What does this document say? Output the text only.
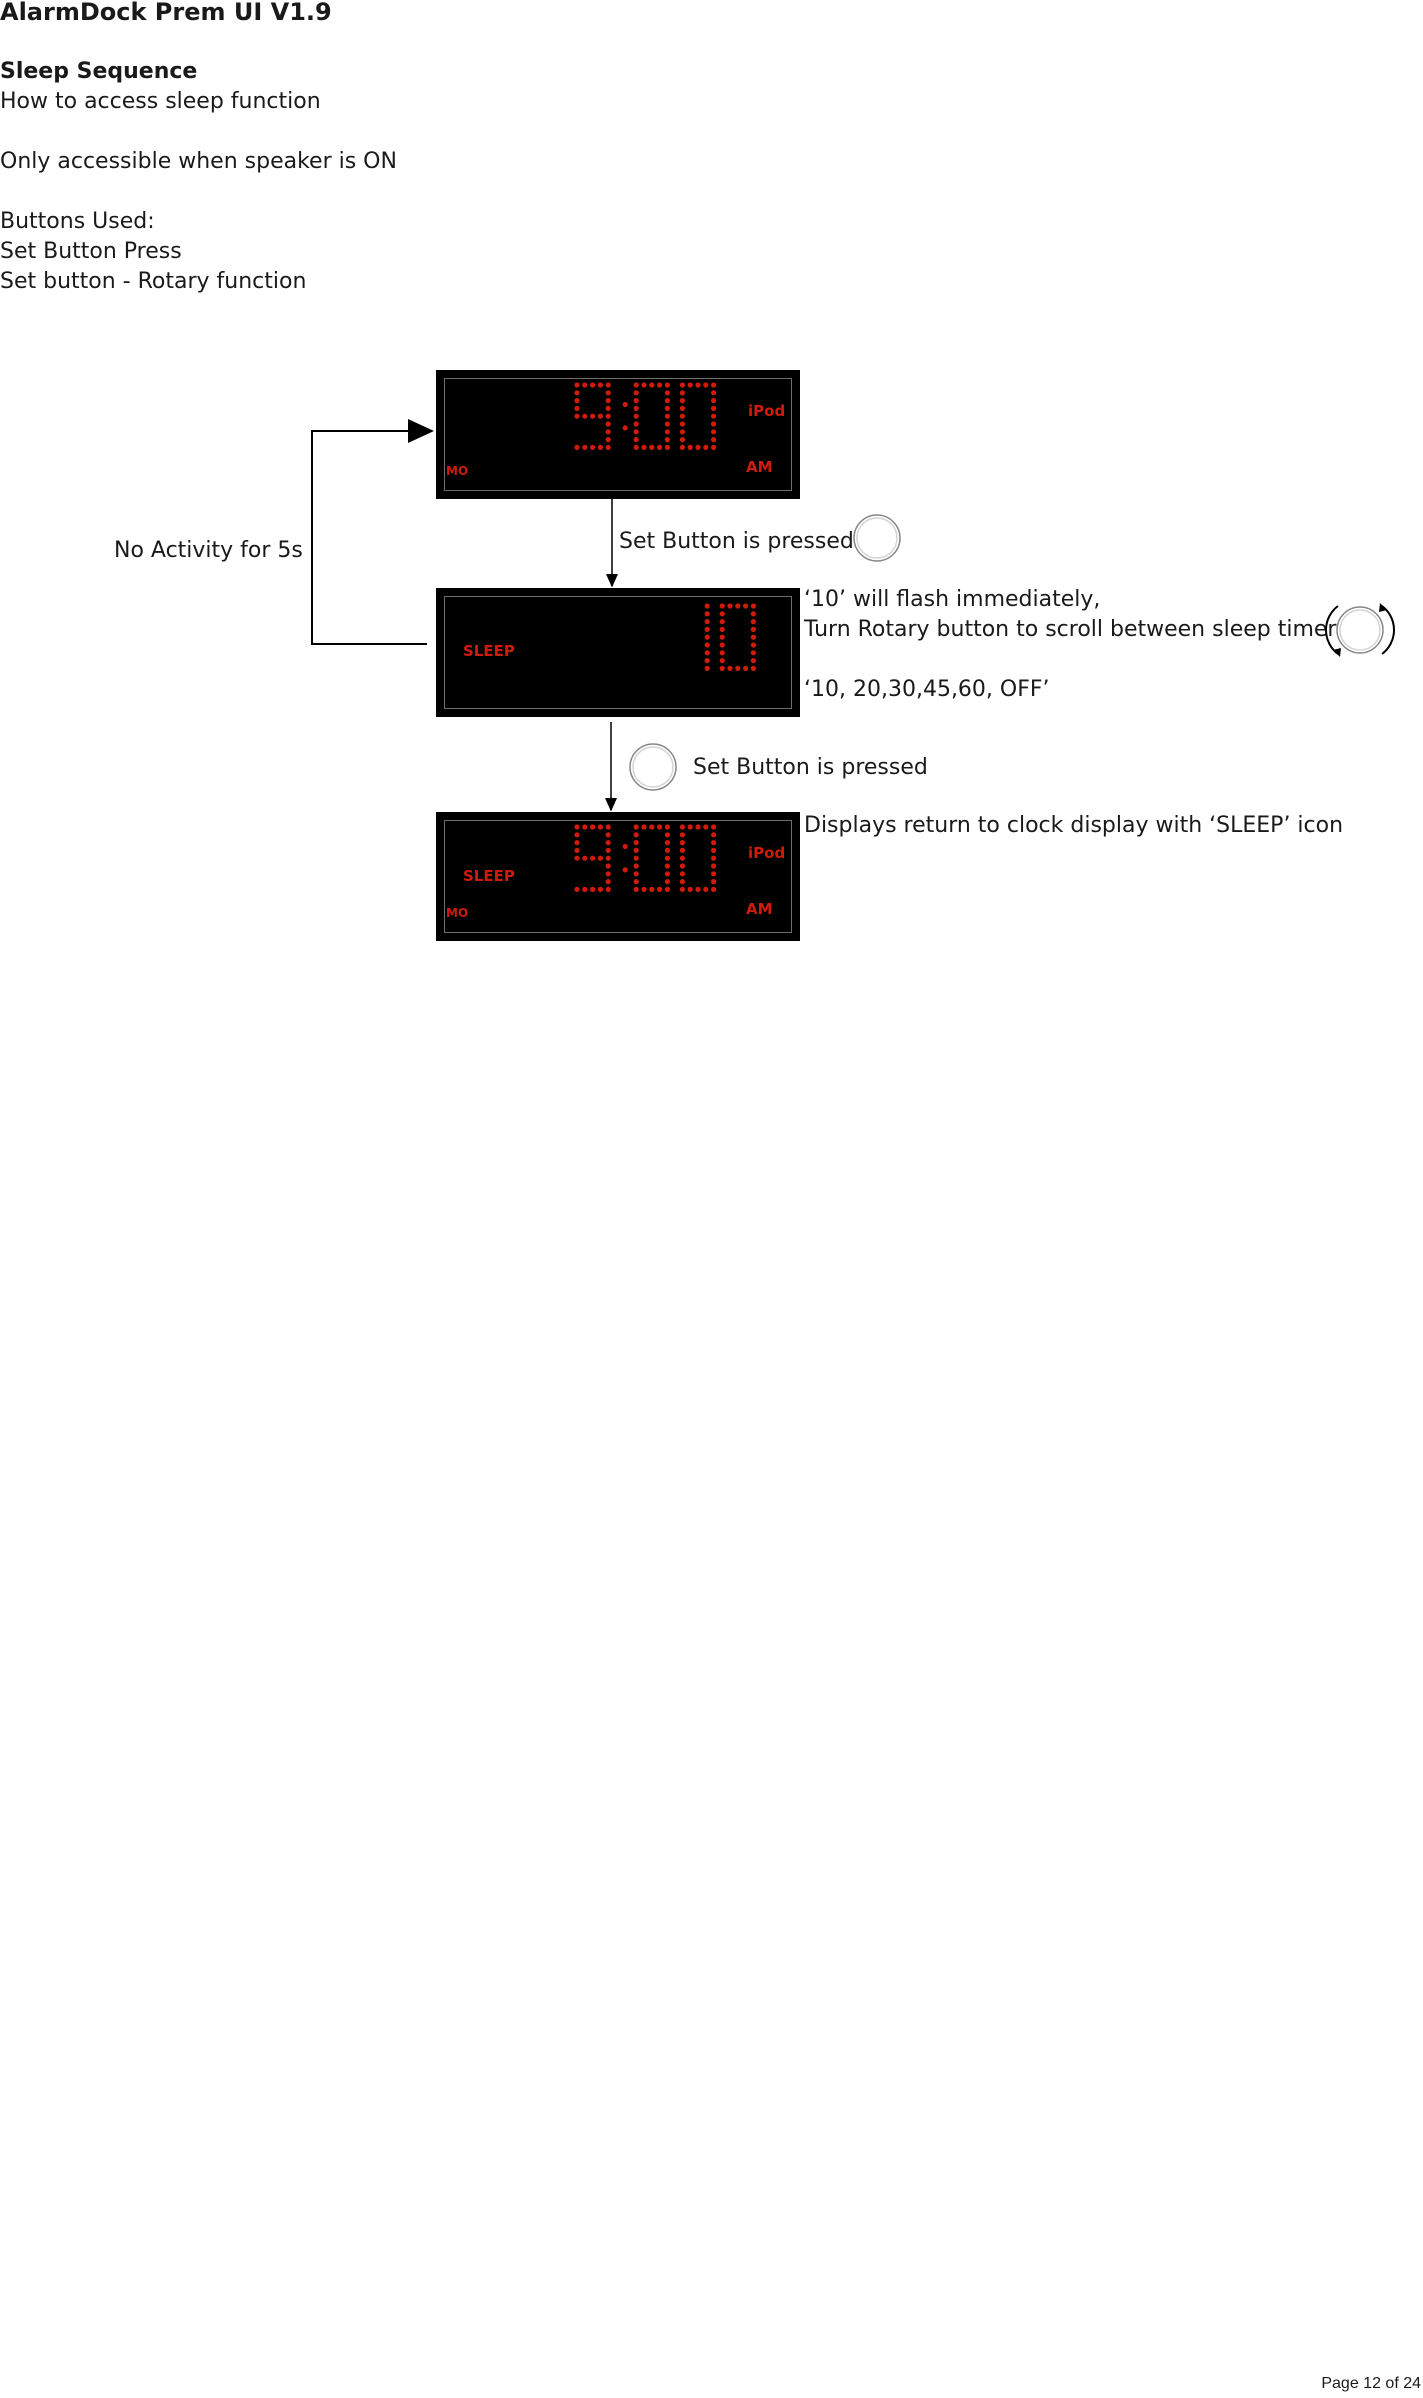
AlarmDock Prem UI V1.9
Sleep Sequence
How to access sleep function
Only accessible when speaker is ON
Buttons Used:
Set Button Press
Set button - Rotary function
iPod
AM
MO
SLEEP
iPod
AM
MO
SLEEP
No Activity for 5s	Set Button is pressed
‘10’ will flash immediately,
Turn Rotary button to scroll between sleep timer
‘10, 20,30,45,60, OFF’
Set Button is pressed
Displays return to clock display with ‘SLEEP’ icon
Page 12 of 24
